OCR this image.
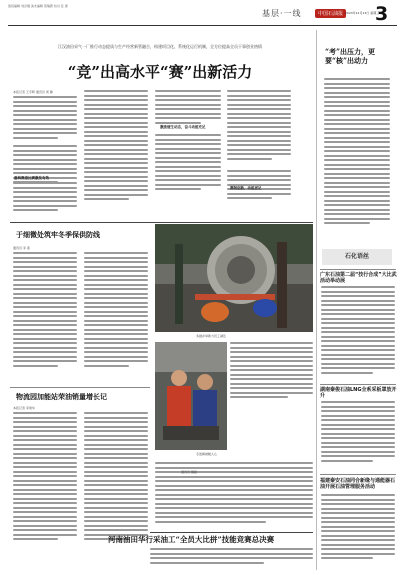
值班编辑 刘洪刚 美术编辑 蔡瑞霞 校对 张 唐
基层·一线	中国石油报 2023年12月13日 星期三
3
江汉油田采气一厂推行动态提质与生产经营新管融合，构建项目化、系统化运行机制，全方位提高全员干事创业热情
“竞”出高水平“赛”出新活力
本报记者 王宇晖 通讯员 周 静
重构赛道比赛激发有效
激励催生动态，奋斗动能充足
赛制创新，动能更足
“考”出压力，更要“核”出动力
石化语丝
广东石油第二届“技行合成”大比武活动举动展
湖南秦俊石油LNG全系采板罩放开升
福建秦安石油同合新缘与通能器石油开展石油管理服务活动
于细微处筑牢冬季保供防线
通讯员 李 燕
物流园加能站荣油销量增长记
本报记者 李建华
多措并举助力员工减压
冬送棉被暖人心
通讯员 魏振
河南油田华行采油工“全员大比拼”技能竞赛总决赛
